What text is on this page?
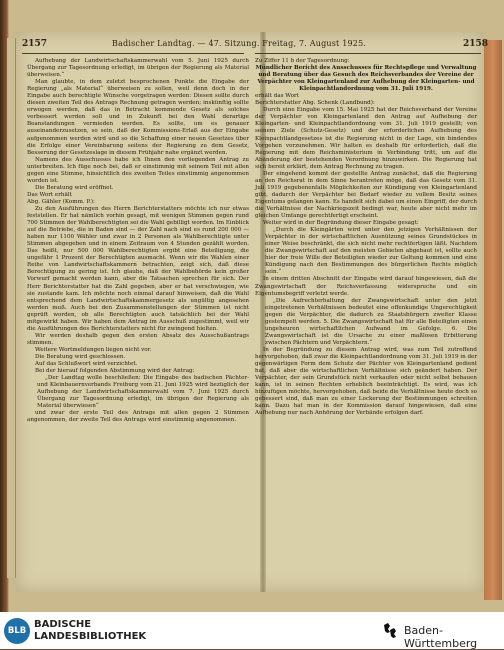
2157	Badischer Landtag. — 47. Sitzung. Freitag, 7. August 1925.	2158

Aufhebung der Landwirtschaftskammerwahl vom 5. Juni 1925 durch Übergang zur Tagesordnung erledigt, im übrigen der Regierung als Material überweisen.“

Man glaubte, in dem zuletzt besprochenen Punkte die Eingabe der Regierung „als Material“ überweisen zu sollen, weil denn doch in der Eingabe auch berechtigte Wünsche vorgetragen werden: Diesen sollte durch diesen zweiten Teil des Antrags Rechnung getragen werden; inskünftig sollte erwogen werden, daß das in Betracht kommende Gesetz als solches verbessert werden soll und in Zukunft bei den Wahl derartige Beanstandungen vermieden werden. Es sollte, um es genauer auseinanderzusetzen, so sein, daß der Kommissions-Erlaß aus der Eingabe aufgenommen werden wird und so die Schaffung einer neuen Gesetzes über die Erfolge einer Vereinbarung seitens der Regierung zu dem Gesetz, Besserung der Gesetzeslage in diesem Frühjahr nahe ergänzt werden.

Namens des Ausschusses habe ich Ihnen den vorliegenden Antrag zu unterbreiten. Ich füge noch bei, daß er einstimmig mit seinem Teil mit allen gegen eine Stimme, hinsichtlich des zweiten Teiles einstimmig angenommen worden ist.

Die Beratung wird eröffnet.

Das Wort erhält

Abg. Gähler (Komm. P.):

Zu den Ausführungen des Herrn Berichterstatters möchte ich nur etwas feststellen. Er hat nämlich vorhin gesagt, mit wenigen Stimmen gegen rund 700 Stimmen der Wahlberechtigten sei die Wahl gebilligt worden. Im Einblick auf die Betriebe, die in Baden sind — der Zahl nach sind es rund 200 000 — haben nur 1100 Wähler und zwar in 2 Personen als Wahlberechtigte unter Stimmen abgegeben und in einem Zeitraum von 4 Stunden gezählt worden. Das heißt, nur 500 000 Wahlberechtigten ergibt eine Beteiligung, die ungefähr 1 Prozent der Berechtigten ausmacht. Wenn wir die Wahlen einer Reihe von Landwirtschaftskammern betrachten, zeigt sich, daß diese Berechtigung zu gering ist. Ich glaube, daß der Wahlbehörde kein großer Vorwurf gemacht werden kann, aber die Tatsachen sprechen für sich. Der Herr Berichterstatter hat die Zahl gegeben, aber er hat verschwiegen, wie sie zustande kam. Ich möchte noch einmal darauf hinweisen, daß die Wahl entsprechend dem Landwirtschaftskammergesetz als ungültig angesehen werden muß. Auch bei den Zusammenstellungen der Stimmen ist nicht geprüft worden, ob alle Berechtigten auch tatsächlich bei der Wahl mitgewirkt haben. Wir haben dem Antrag im Ausschuß zugestimmt, weil wir die Ausführungen des Berichterstatters nicht für zwingend hielten.

Wir werden deshalb gegen den ersten Absatz des Ausschußantrags stimmen.

Weitere Wortmeldungen liegen nicht vor.

Die Beratung wird geschlossen.

Auf das Schlußwort wird verzichtet.

Bei der hierauf folgenden Abstimmung wird der Antrag:

„Der Landtag wolle beschließen: Die Eingabe des badischen Pächter- und Kleinbauernverbands Freiburg vom 21. Juni 1925 wird bezüglich der Aufhebung der Landwirtschaftskammerwahl vom 7. Juni 1925 durch Übergang zur Tagesordnung erledigt, im übrigen der Regierung als Material überwiesen“

und zwar der erste Teil des Antrags mit allen gegen 2 Stimmen angenommen, der zweite Teil des Antrags wird einstimmig angenommen.

Zu Ziffer 11 b der Tagesordnung:

Mündlicher Bericht des Ausschusses für Rechtspflege und Verwaltung und Beratung über das Gesuch des Reichsverbandes der Vereine der Verpächter von Kleingartenland zur Aufhebung der Kleingarten- und Kleinpachtlandordnung vom 31. Juli 1919.

erhält das Wort

Berichterstatter Abg. Schenk (Landbund):

Durch eine Eingabe vom 15. Mai 1925 hat der Reichsverband der Vereine der Verpächter von Kleingartenland den Antrag auf Aufhebung der Kleingarten- und Kleinpachtlandordnung vom 31. Juli 1919 gestellt; von seinem Ziele (Schutz-Gesetz) und der erforderlichen Aufhebung des Kleinpachtlandgesetzes ist die Regierung nicht in der Lage, ein bindendes Vorgehen vorzunehmen. Wir halten es deshalb für erforderlich, daß die Regierung mit dem Reichsministerium in Verbindung tritt, um auf die Abänderung der bestehenden Verordnung hinzuwirken. Die Regierung hat sich bereit erklärt, dem Antrag Rechnung zu tragen.

Der eingehend kommt der gestellte Antrag zunächst, daß die Regierung an den Reichsrat in dem Sinne herantreten möge, daß das Gesetz vom 31. Juli 1919 gegebenenfalls Möglichkeiten zur Kündigung von Kleingartenland gibt, dadurch der Verpächter bei Bedarf wieder zu vollem Besitz seines Eigentums gelangen kann. Es handelt sich dabei um einen Eingriff, der durch die Verhältnisse der Nachkriegszeit bedingt war, heute aber nicht mehr im gleichen Umfange gerechtfertigt erscheint.

Weiter wird in der Begründung dieser Eingabe gesagt:

„Durch die Kleingärten wird unter den jetzigen Verhältnissen der Verpächter in der wirtschaftlichen Ausnützung seines Grundstückes in einer Weise beschränkt, die sich nicht mehr rechtfertigen läßt. Nachdem die Zwangswirtschaft auf den meisten Gebieten abgebaut ist, sollte auch hier der freie Wille der Beteiligten wieder zur Geltung kommen und eine Kündigung nach den Bestimmungen des bürgerlichen Rechts möglich sein.“

In einem dritten Abschnitt der Eingabe wird darauf hingewiesen, daß die Zwangswirtschaft der Reichsverfassung widerspreche und ein Eigentumsbegriff verletzt werde.

„Die Aufrechterhaltung der Zwangswirtschaft unter den jetzt eingetretenen Verhältnissen bedeutet eine offenkundige Ungerechtigkeit gegen die Verpächter, die dadurch zu Staatsbürgern zweiter Klasse gestempelt werden. 5. Die Zwangswirtschaft hat für alle Beteiligten einen ungeheuren wirtschaftlichen Aufwand im Gefolge. 6. Die Zwangswirtschaft ist die Ursache zu einer maßlosen Erbitterung zwischen Pächtern und Verpächtern.“

In der Begründung zu diesem Antrag wird, was zum Teil zutreffend hervorgehoben, daß zwar die Kleinpachtlandordnung vom 31. Juli 1919 in der gegenwärtigen Form dem Schutz der Pächter von Kleingartenland gedient hat, daß aber die wirtschaftlichen Verhältnisse sich geändert haben. Der Verpächter, der sein Grundstück nicht verkaufen oder nicht selbst bebauen kann, ist in seinen Rechten erheblich beeinträchtigt. Es wird, was ich hinzufügen möchte, hervorgehoben, daß beide die Verhältnisse heute doch so gebessert sind, daß man zu einer Lockerung der Bestimmungen schreiten kann. Dazu hat man in der Kommission darauf hingewiesen, daß eine Aufhebung nur nach Anhörung der Verbände erfolgen darf.

BLB
BADISCHE
LANDESBIBLIOTHEK	Baden-Württemberg
